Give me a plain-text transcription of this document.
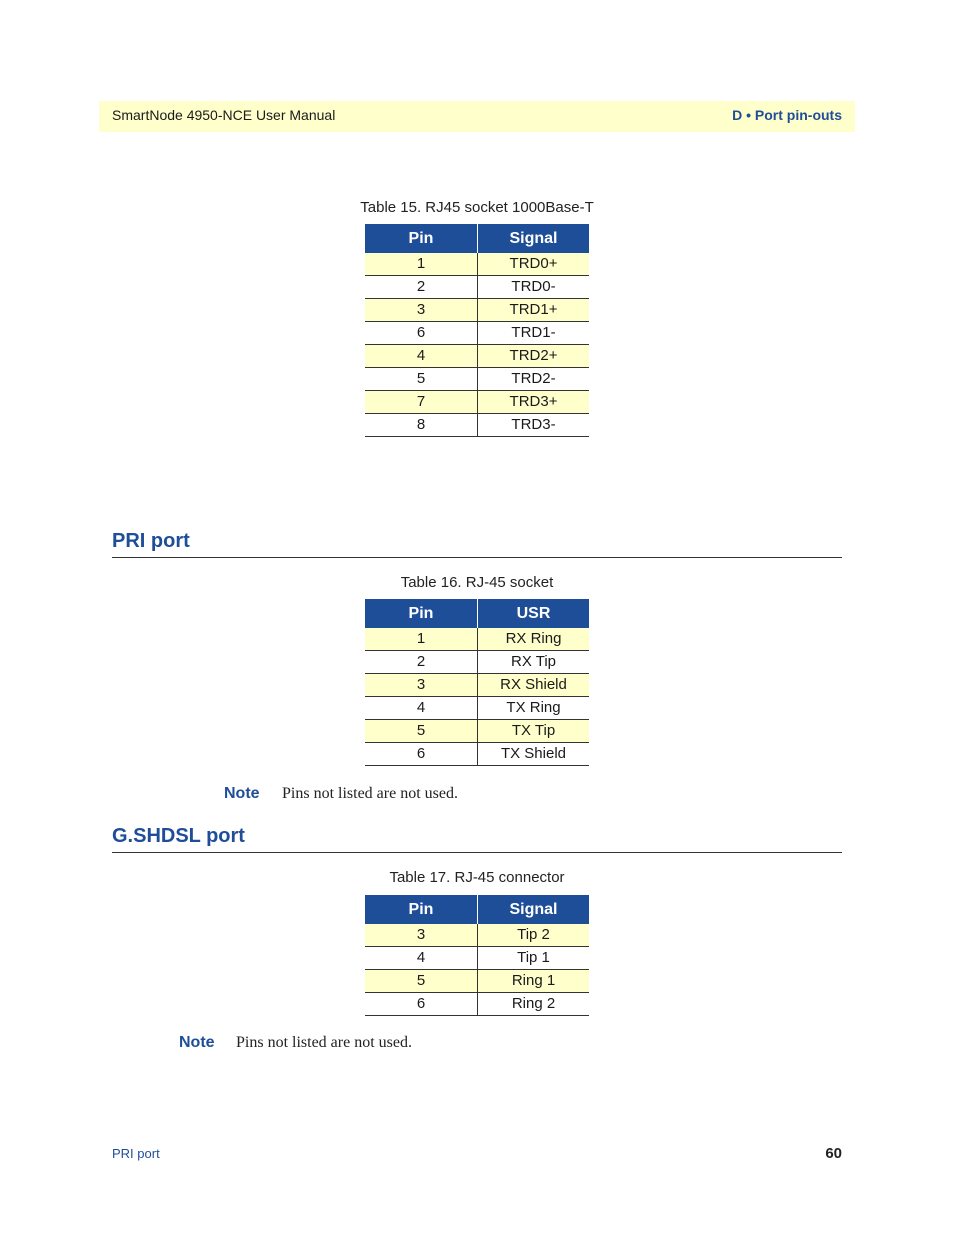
SmartNode 4950-NCE User Manual	D • Port pin-outs
Table 15. RJ45 socket 1000Base-T
Pin	Signal
1	TRD0+
2	TRD0-
3	TRD1+
6	TRD1-
4	TRD2+
5	TRD2-
7	TRD3+
8	TRD3-
PRI port
Table 16. RJ-45 socket
Pin	USR
1	RX Ring
2	RX Tip
3	RX Shield
4	TX Ring
5	TX Tip
6	TX Shield
Note Pins not listed are not used.
G.SHDSL port
Table 17. RJ-45 connector
Pin	Signal
3	Tip 2
4	Tip 1
5	Ring 1
6	Ring 2
Note Pins not listed are not used.
PRI port	60
